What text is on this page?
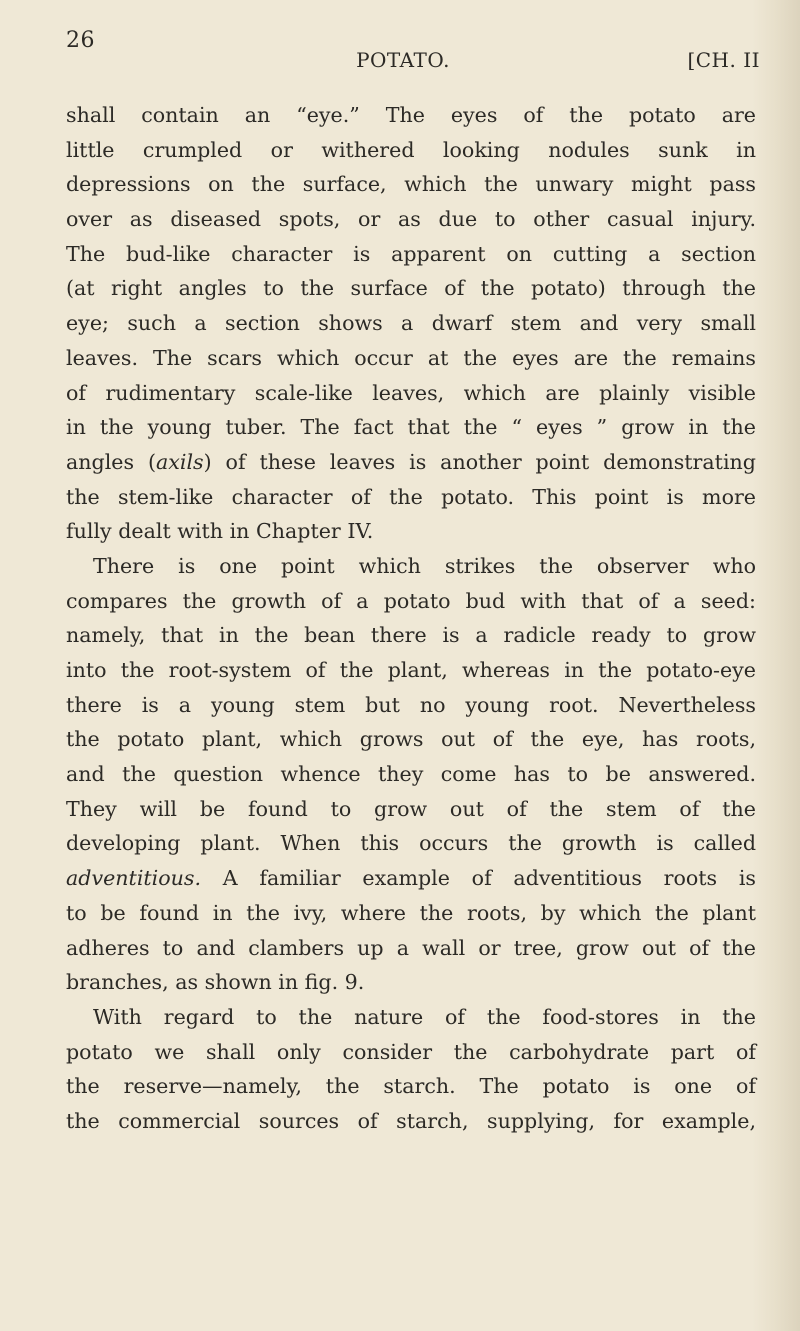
26
POTATO.	[CH. II
shall contain an “eye.” The eyes of the potato are
little crumpled or withered looking nodules sunk in
depressions on the surface, which the unwary might pass
over as diseased spots, or as due to other casual injury.
The bud-like character is apparent on cutting a section
(at right angles to the surface of the potato) through the
eye; such a section shows a dwarf stem and very small
leaves. The scars which occur at the eyes are the remains
of rudimentary scale-like leaves, which are plainly visible
in the young tuber. The fact that the “ eyes ” grow in the
angles (axils) of these leaves is another point demonstrating
the stem-like character of the potato. This point is more
fully dealt with in Chapter IV.
There is one point which strikes the observer who
compares the growth of a potato bud with that of a seed:
namely, that in the bean there is a radicle ready to grow
into the root-system of the plant, whereas in the potato-eye
there is a young stem but no young root. Nevertheless
the potato plant, which grows out of the eye, has roots,
and the question whence they come has to be answered.
They will be found to grow out of the stem of the
developing plant. When this occurs the growth is called
adventitious. A familiar example of adventitious roots is
to be found in the ivy, where the roots, by which the plant
adheres to and clambers up a wall or tree, grow out of the
branches, as shown in fig. 9.
With regard to the nature of the food-stores in the
potato we shall only consider the carbohydrate part of
the reserve—namely, the starch. The potato is one of
the commercial sources of starch, supplying, for example,
